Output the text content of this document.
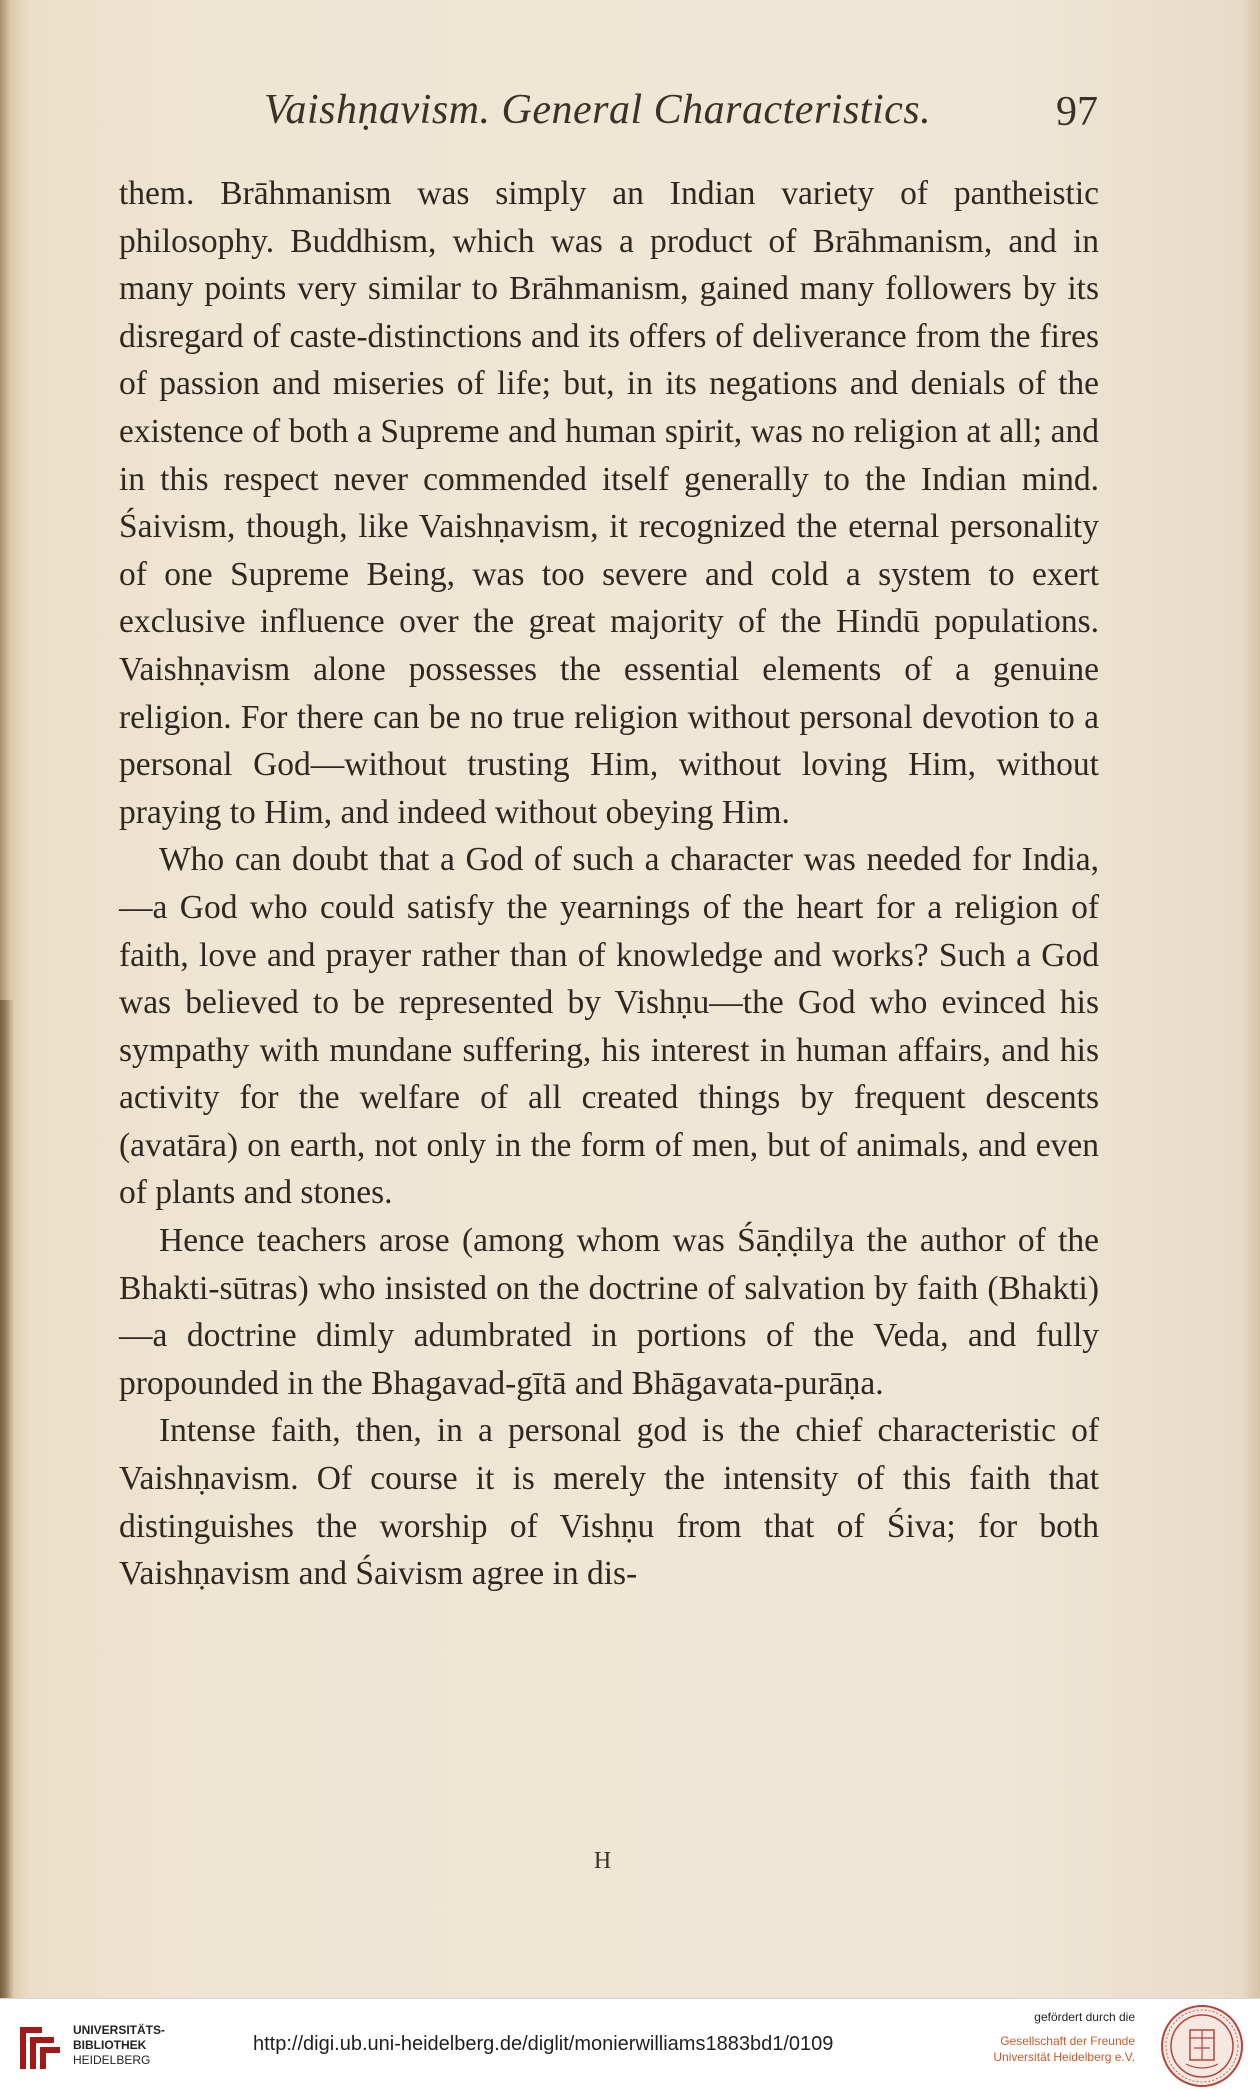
Vaishṇavism. General Characteristics.	97

them. Brāhmanism was simply an Indian variety of pantheistic philosophy. Buddhism, which was a product of Brāhmanism, and in many points very similar to Brāhmanism, gained many followers by its disregard of caste-distinctions and its offers of deliverance from the fires of passion and miseries of life; but, in its negations and denials of the existence of both a Supreme and human spirit, was no religion at all; and in this respect never commended itself generally to the Indian mind. Śaivism, though, like Vaishṇavism, it recognized the eternal personality of one Supreme Being, was too severe and cold a system to exert exclusive influence over the great majority of the Hindū populations. Vaishṇavism alone possesses the essential elements of a genuine religion. For there can be no true religion without personal devotion to a personal God—without trusting Him, without loving Him, without praying to Him, and indeed without obeying Him.

Who can doubt that a God of such a character was needed for India,—a God who could satisfy the yearnings of the heart for a religion of faith, love and prayer rather than of knowledge and works? Such a God was believed to be represented by Vishṇu—the God who evinced his sympathy with mundane suffering, his interest in human affairs, and his activity for the welfare of all created things by frequent descents (avatāra) on earth, not only in the form of men, but of animals, and even of plants and stones.

Hence teachers arose (among whom was Śāṇḍilya the author of the Bhakti-sūtras) who insisted on the doctrine of salvation by faith (Bhakti)—a doctrine dimly adumbrated in portions of the Veda, and fully propounded in the Bhagavad-gītā and Bhāgavata-purāṇa.

Intense faith, then, in a personal god is the chief characteristic of Vaishṇavism. Of course it is merely the intensity of this faith that distinguishes the worship of Vishṇu from that of Śiva; for both Vaishṇavism and Śaivism agree in dis-

H
UNIVERSITÄTS-
BIBLIOTHEK
HEIDELBERG
http://digi.ub.uni-heidelberg.de/diglit/monierwilliams1883bd1/0109
gefördert durch die
Gesellschaft der Freunde
Universität Heidelberg e.V.
